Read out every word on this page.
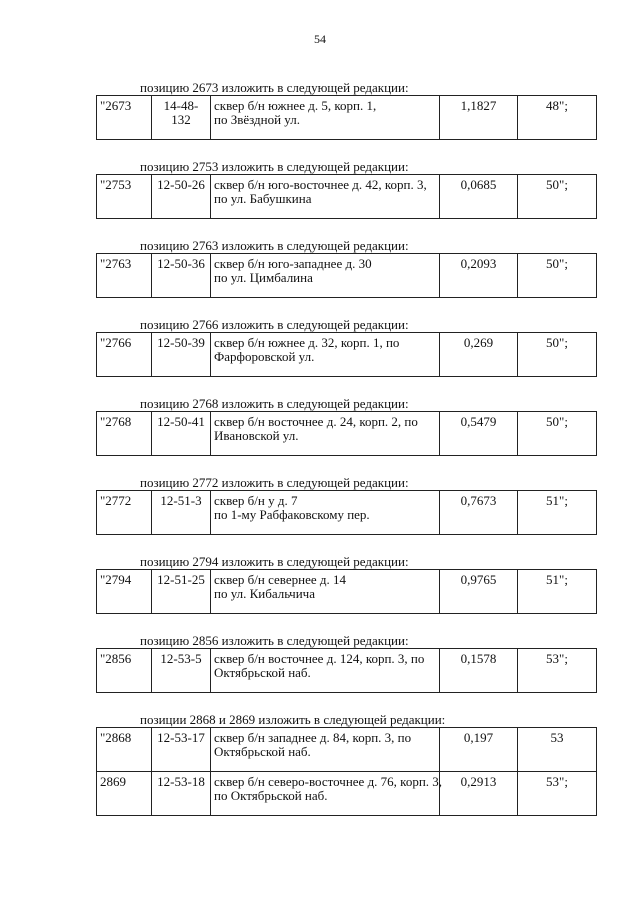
54
позицию 2673 изложить в следующей редакции:
"2673	14-48-132	
сквер б/н южнее д. 5, корп. 1,
по Звёздной ул.
	1,1827	48";
позицию 2753 изложить в следующей редакции:
"2753	12-50-26	сквер б/н юго-восточнее д. 42, корп. 3,
по ул. Бабушкина
	0,0685	50";
позицию 2763 изложить в следующей редакции:
"2763	12-50-36	сквер б/н юго-западнее д. 30
по ул. Цимбалина
	0,2093	50";
позицию 2766 изложить в следующей редакции:
"2766	12-50-39	сквер б/н южнее д. 32, корп. 1, по
Фарфоровской ул.
	0,269	50";
позицию 2768 изложить в следующей редакции:
"2768	12-50-41	сквер б/н восточнее д. 24, корп. 2, по
Ивановской ул.
	0,5479	50";
позицию 2772 изложить в следующей редакции:
"2772	12-51-3	сквер б/н у д. 7
по 1-му Рабфаковскому пер.
	0,7673	51";
позицию 2794 изложить в следующей редакции:
"2794	12-51-25	сквер б/н севернее д. 14
по ул. Кибальчича
	0,9765	51";
позицию 2856 изложить в следующей редакции:
"2856	12-53-5	сквер б/н восточнее д. 124, корп. 3, по
Октябрьской наб.
	0,1578	53";
позиции 2868 и 2869 изложить в следующей редакции:
"2868	12-53-17	сквер б/н западнее д. 84, корп. 3, по
Октябрьской наб.	0,197	53
2869	12-53-18	сквер б/н северо-восточнее д. 76, корп. 3,
по Октябрьской наб.	0,2913	53";
